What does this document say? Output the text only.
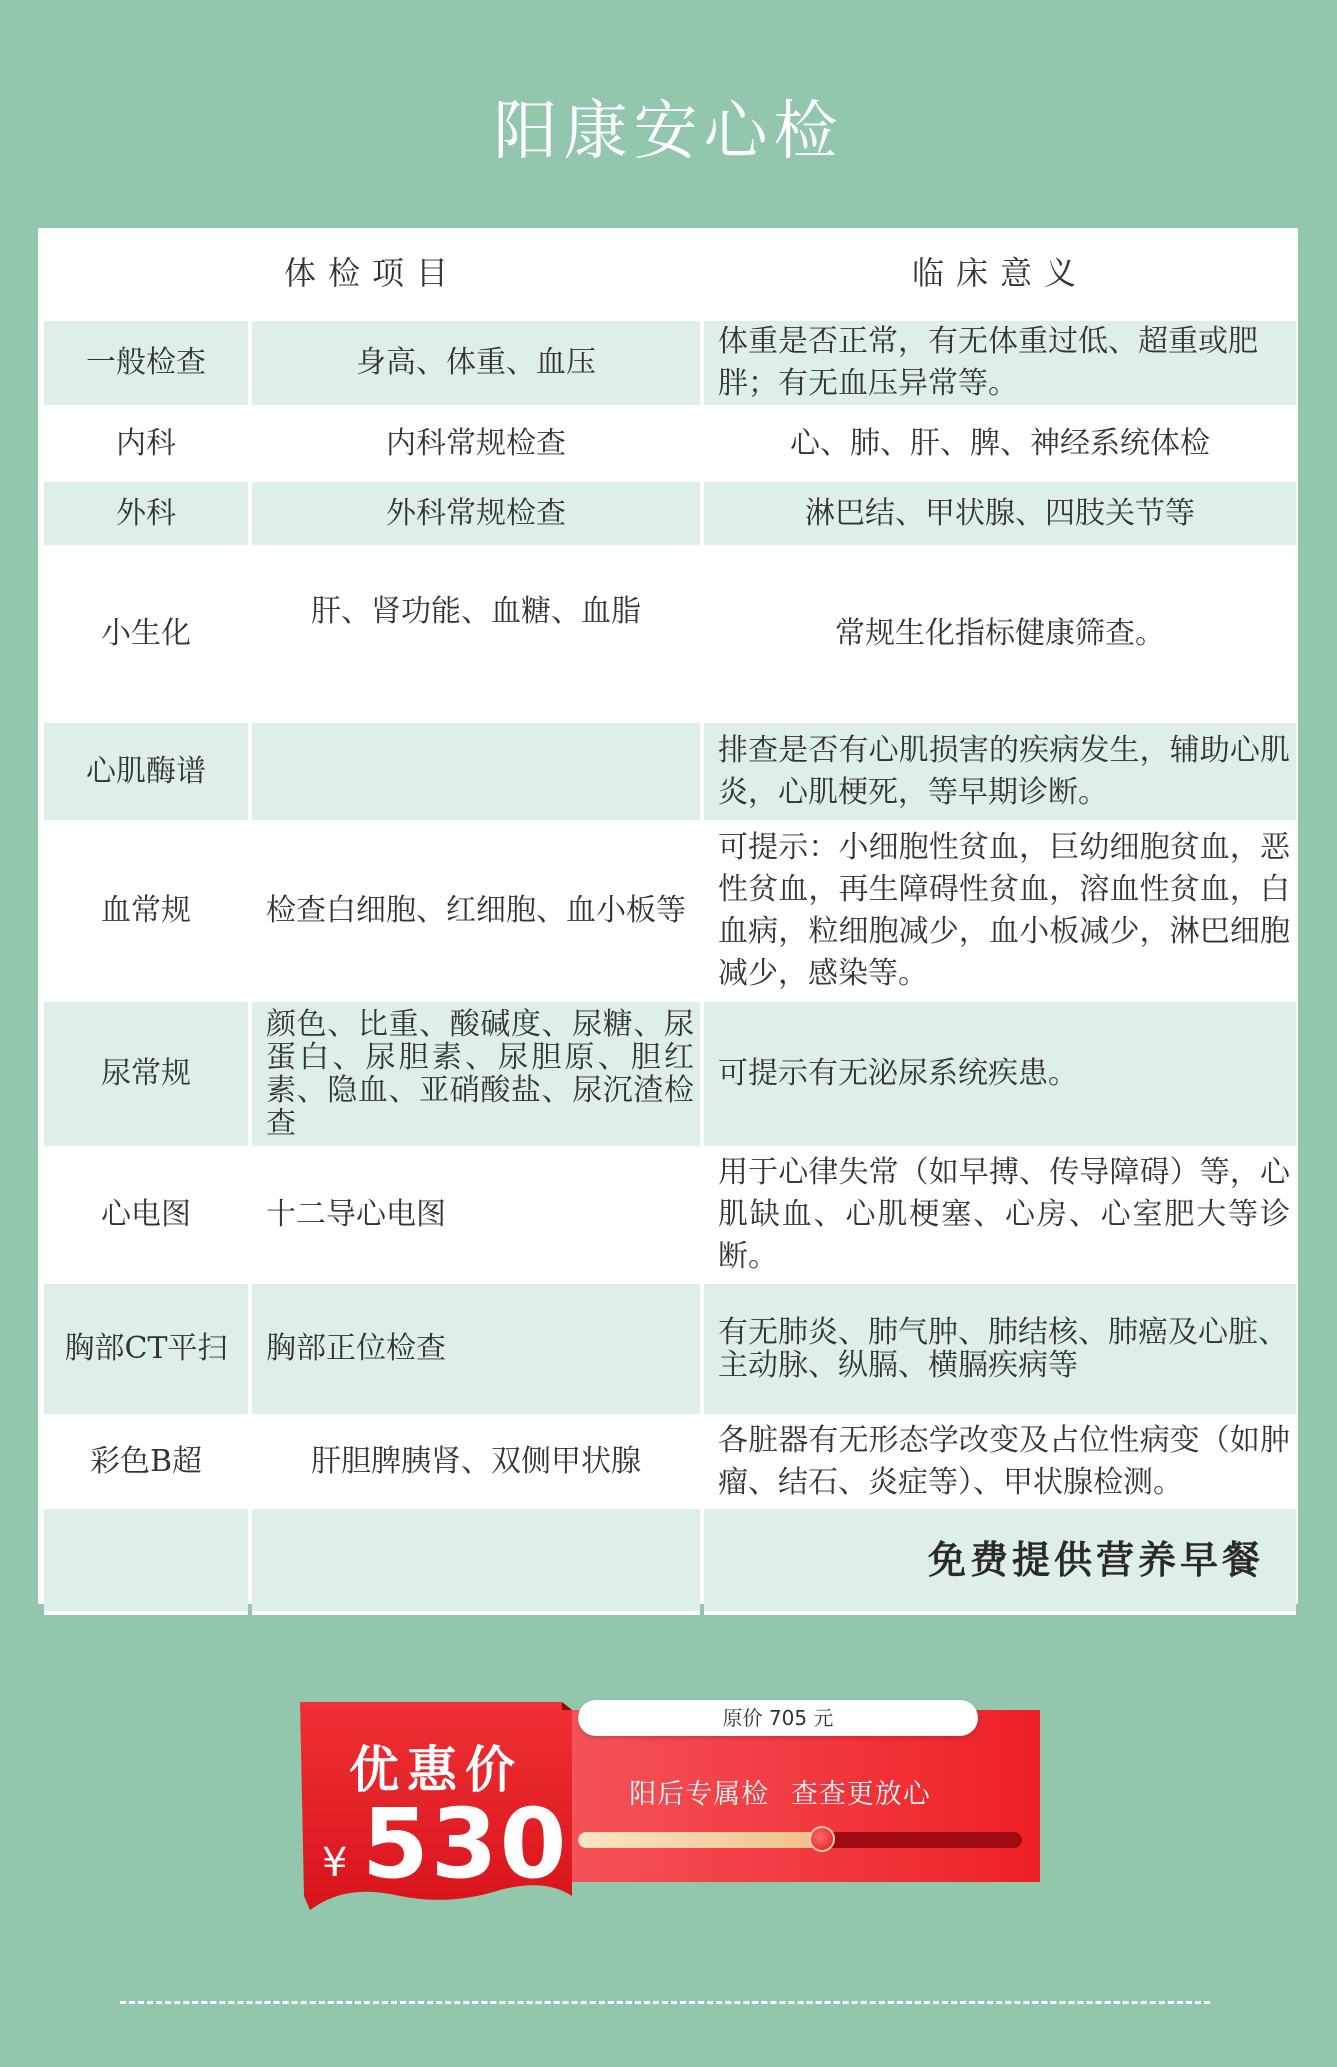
阳康安心检
体检项目		临床意义
一般检查	身高、体重、血压	体重是否正常，有无体重过低、超重或肥胖；有无血压异常等。
内科	内科常规检查	心、肺、肝、脾、神经系统体检
外科	外科常规检查	淋巴结、甲状腺、四肢关节等
小生化	肝、肾功能、血糖、血脂	常规生化指标健康筛查。
心肌酶谱		排查是否有心肌损害的疾病发生，辅助心肌炎，心肌梗死，等早期诊断。
血常规	检查白细胞、红细胞、血小板等	可提示：小细胞性贫血，巨幼细胞贫血，恶性贫血，再生障碍性贫血，溶血性贫血，白血病，粒细胞减少，血小板减少，淋巴细胞减少，感染等。
尿常规	颜色、比重、酸碱度、尿糖、尿蛋白、尿胆素、尿胆原、胆红素、隐血、亚硝酸盐、尿沉渣检查	可提示有无泌尿系统疾患。
心电图	十二导心电图	用于心律失常（如早搏、传导障碍）等，心肌缺血、心肌梗塞、心房、心室肥大等诊断。
胸部CT平扫	胸部正位检查	有无肺炎、肺气肿、肺结核、肺癌及心脏、主动脉、纵膈、横膈疾病等
彩色B超	肝胆脾胰肾、双侧甲状腺	各脏器有无形态学改变及占位性病变（如肿瘤、结石、炎症等）、甲状腺检测。
		免费提供营养早餐
原价 705 元
阳后专属检 查查更放心
优惠价
¥ 530
